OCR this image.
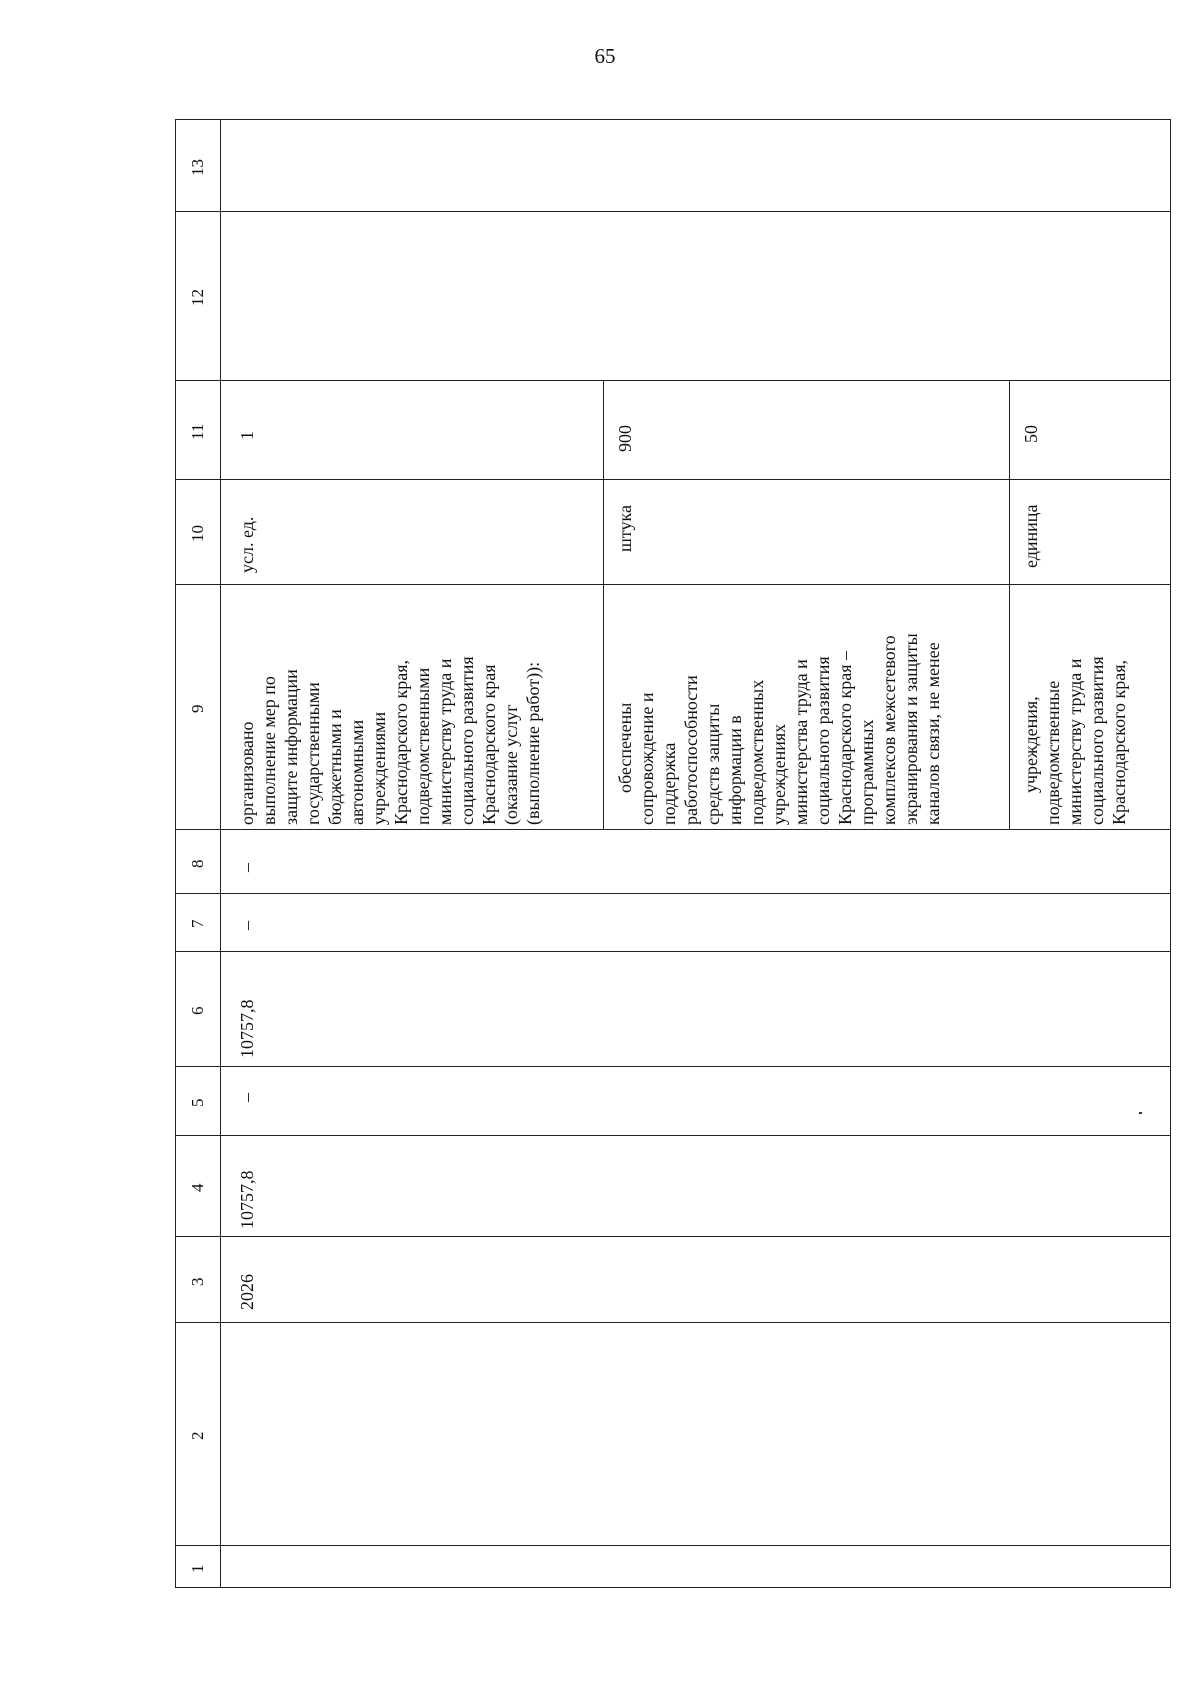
65
13
12
11
10
9
8
7
6
5
4
3
2
1
2026
10757,8
–
10757,8
–
–
организовано выполнение мер по защите информации государственными бюджетными и автономными учреждениями Краснодарского края, подведомственными министерству труда и социального развития Краснодарского края (оказание услуг (выполнение работ)):
усл. ед.
1
обеспечены сопровождение и поддержка работоспособности средств защиты информации в подведомственных учреждениях министерства труда и социального развития Краснодарского края – программных комплексов межсетевого экранирования и защиты каналов связи, не менее
штука
900
учреждения, подведомственные министерству труда и социального развития Краснодарского края,
единица
50
